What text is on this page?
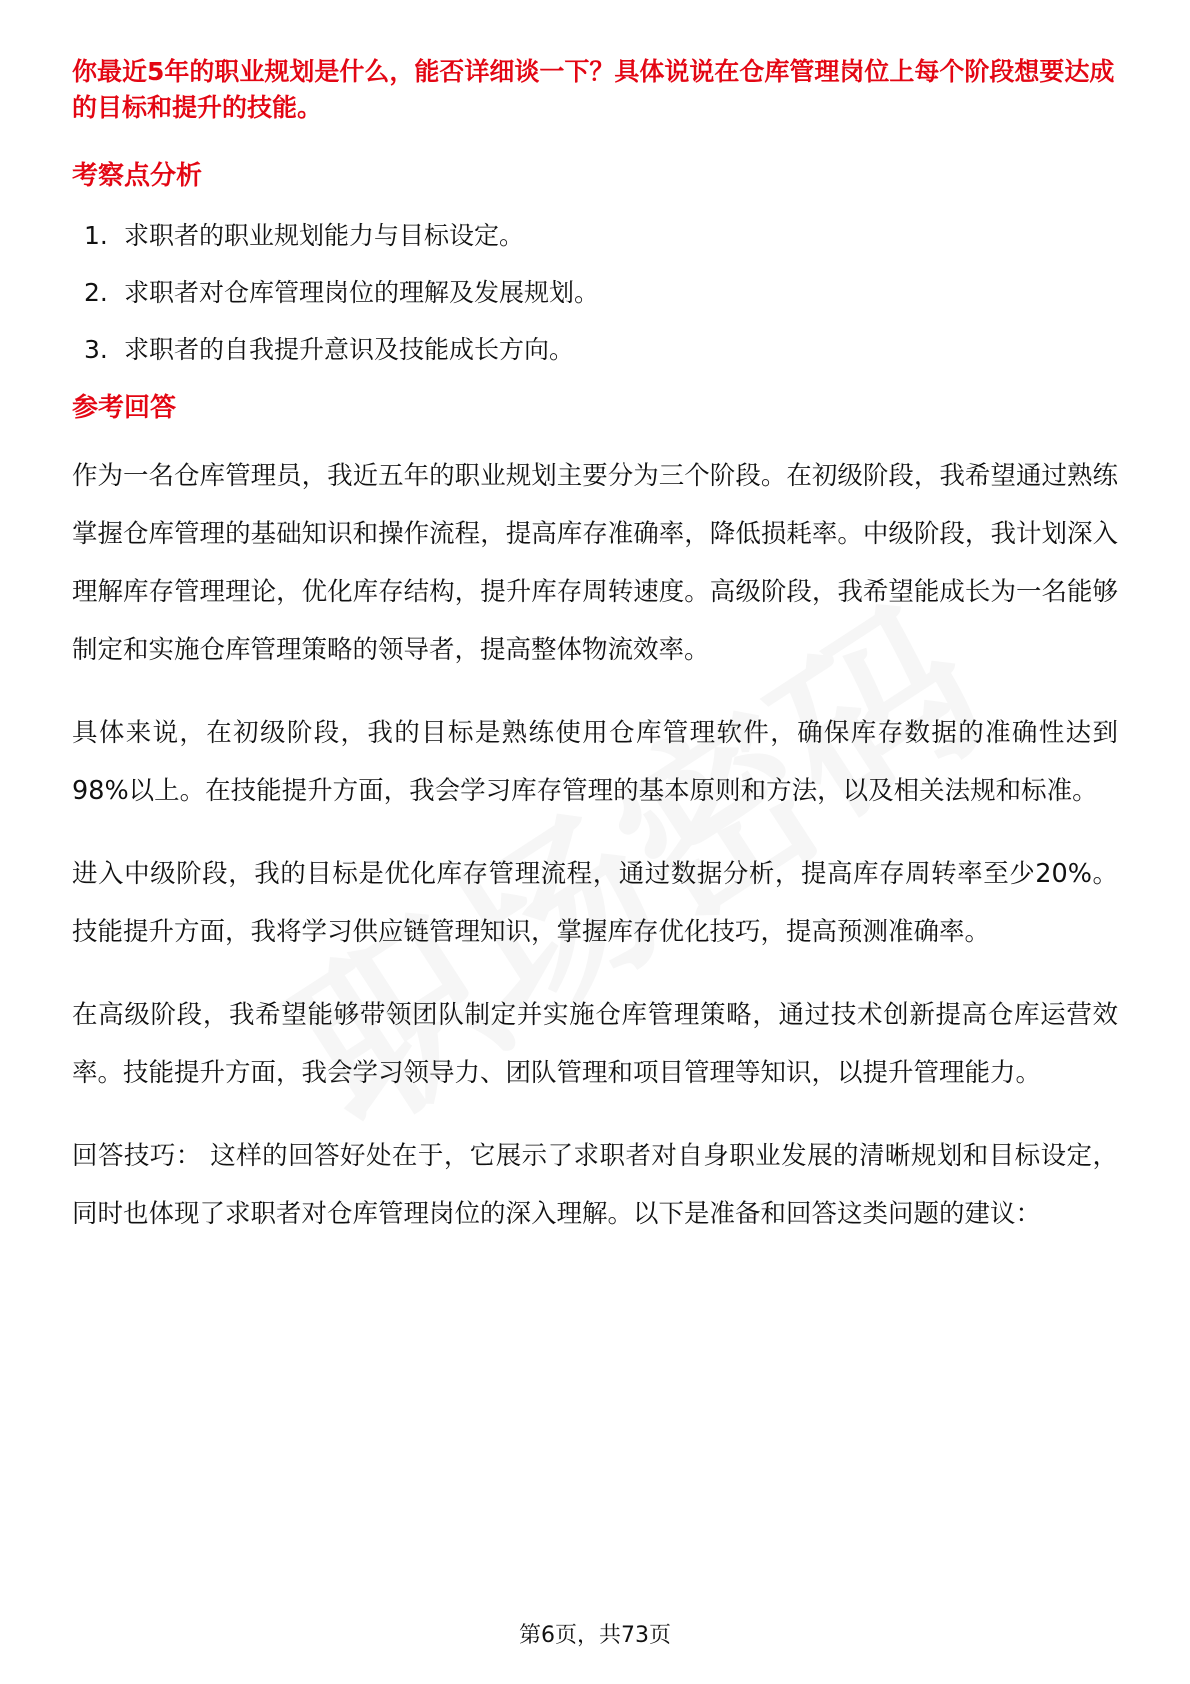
你最近5年的职业规划是什么，能否详细谈一下？具体说说在仓库管理岗位上每个阶段想要达成的目标和提升的技能。

考察点分析
1. 求职者的职业规划能力与目标设定。
2. 求职者对仓库管理岗位的理解及发展规划。
3. 求职者的自我提升意识及技能成长方向。
参考回答

作为一名仓库管理员，我近五年的职业规划主要分为三个阶段。在初级阶段，我希望通过熟练掌握仓库管理的基础知识和操作流程，提高库存准确率，降低损耗率。中级阶段，我计划深入理解库存管理理论，优化库存结构，提升库存周转速度。高级阶段，我希望能成长为一名能够制定和实施仓库管理策略的领导者，提高整体物流效率。

具体来说，在初级阶段，我的目标是熟练使用仓库管理软件，确保库存数据的准确性达到98%以上。在技能提升方面，我会学习库存管理的基本原则和方法，以及相关法规和标准。

进入中级阶段，我的目标是优化库存管理流程，通过数据分析，提高库存周转率至少20%。技能提升方面，我将学习供应链管理知识，掌握库存优化技巧，提高预测准确率。

在高级阶段，我希望能够带领团队制定并实施仓库管理策略，通过技术创新提高仓库运营效率。技能提升方面，我会学习领导力、团队管理和项目管理等知识，以提升管理能力。

回答技巧： 这样的回答好处在于，它展示了求职者对自身职业发展的清晰规划和目标设定，同时也体现了求职者对仓库管理岗位的深入理解。以下是准备和回答这类问题的建议：

第6页，共73页
